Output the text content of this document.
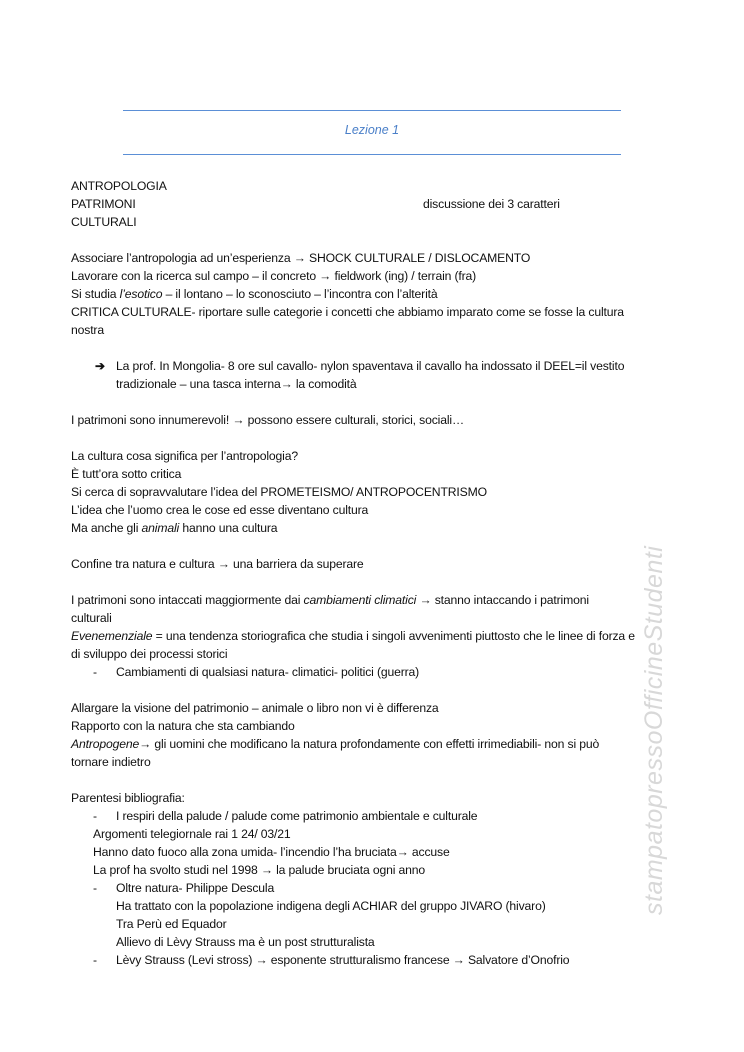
Lezione 1
ANTROPOLOGIA
PATRIMONI	discussione dei 3 caratteri
CULTURALI
Associare l’antropologia ad un’esperienza → SHOCK CULTURALE / DISLOCAMENTO
Lavorare con la ricerca sul campo – il concreto → fieldwork (ing) / terrain (fra)
Si studia l’esotico – il lontano – lo sconosciuto – l’incontra con l’alterità
CRITICA CULTURALE- riportare sulle categorie i concetti che abbiamo imparato come se fosse la cultura
nostra
➔ La prof. In Mongolia- 8 ore sul cavallo- nylon spaventava il cavallo ha indossato il DEEL=il vestito
tradizionale – una tasca interna→ la comodità
I patrimoni sono innumerevoli! → possono essere culturali, storici, sociali…
La cultura cosa significa per l’antropologia?
È tutt’ora sotto critica
Si cerca di sopravvalutare l’idea del PROMETEISMO/ ANTROPOCENTRISMO
L’idea che l’uomo crea le cose ed esse diventano cultura
Ma anche gli animali hanno una cultura
Confine tra natura e cultura → una barriera da superare
I patrimoni sono intaccati maggiormente dai cambiamenti climatici → stanno intaccando i patrimoni
culturali
Evenemenziale = una tendenza storiografica che studia i singoli avvenimenti piuttosto che le linee di forza e
di sviluppo dei processi storici
- Cambiamenti di qualsiasi natura- climatici- politici (guerra)
Allargare la visione del patrimonio – animale o libro non vi è differenza
Rapporto con la natura che sta cambiando
Antropogene→ gli uomini che modificano la natura profondamente con effetti irrimediabili- non si può
tornare indietro
Parentesi bibliografia:
- I respiri della palude / palude come patrimonio ambientale e culturale
Argomenti telegiornale rai 1 24/ 03/21
Hanno dato fuoco alla zona umida- l’incendio l’ha bruciata→ accuse
La prof ha svolto studi nel 1998 → la palude bruciata ogni anno
- Oltre natura- Philippe Descula
Ha trattato con la popolazione indigena degli ACHIAR del gruppo JIVARO (hivaro)
Tra Perù ed Equador
Allievo di Lèvy Strauss ma è un post strutturalista
- Lèvy Strauss (Levi stross) → esponente strutturalismo francese → Salvatore d’Onofrio
stampatopressoOfficineStudenti
